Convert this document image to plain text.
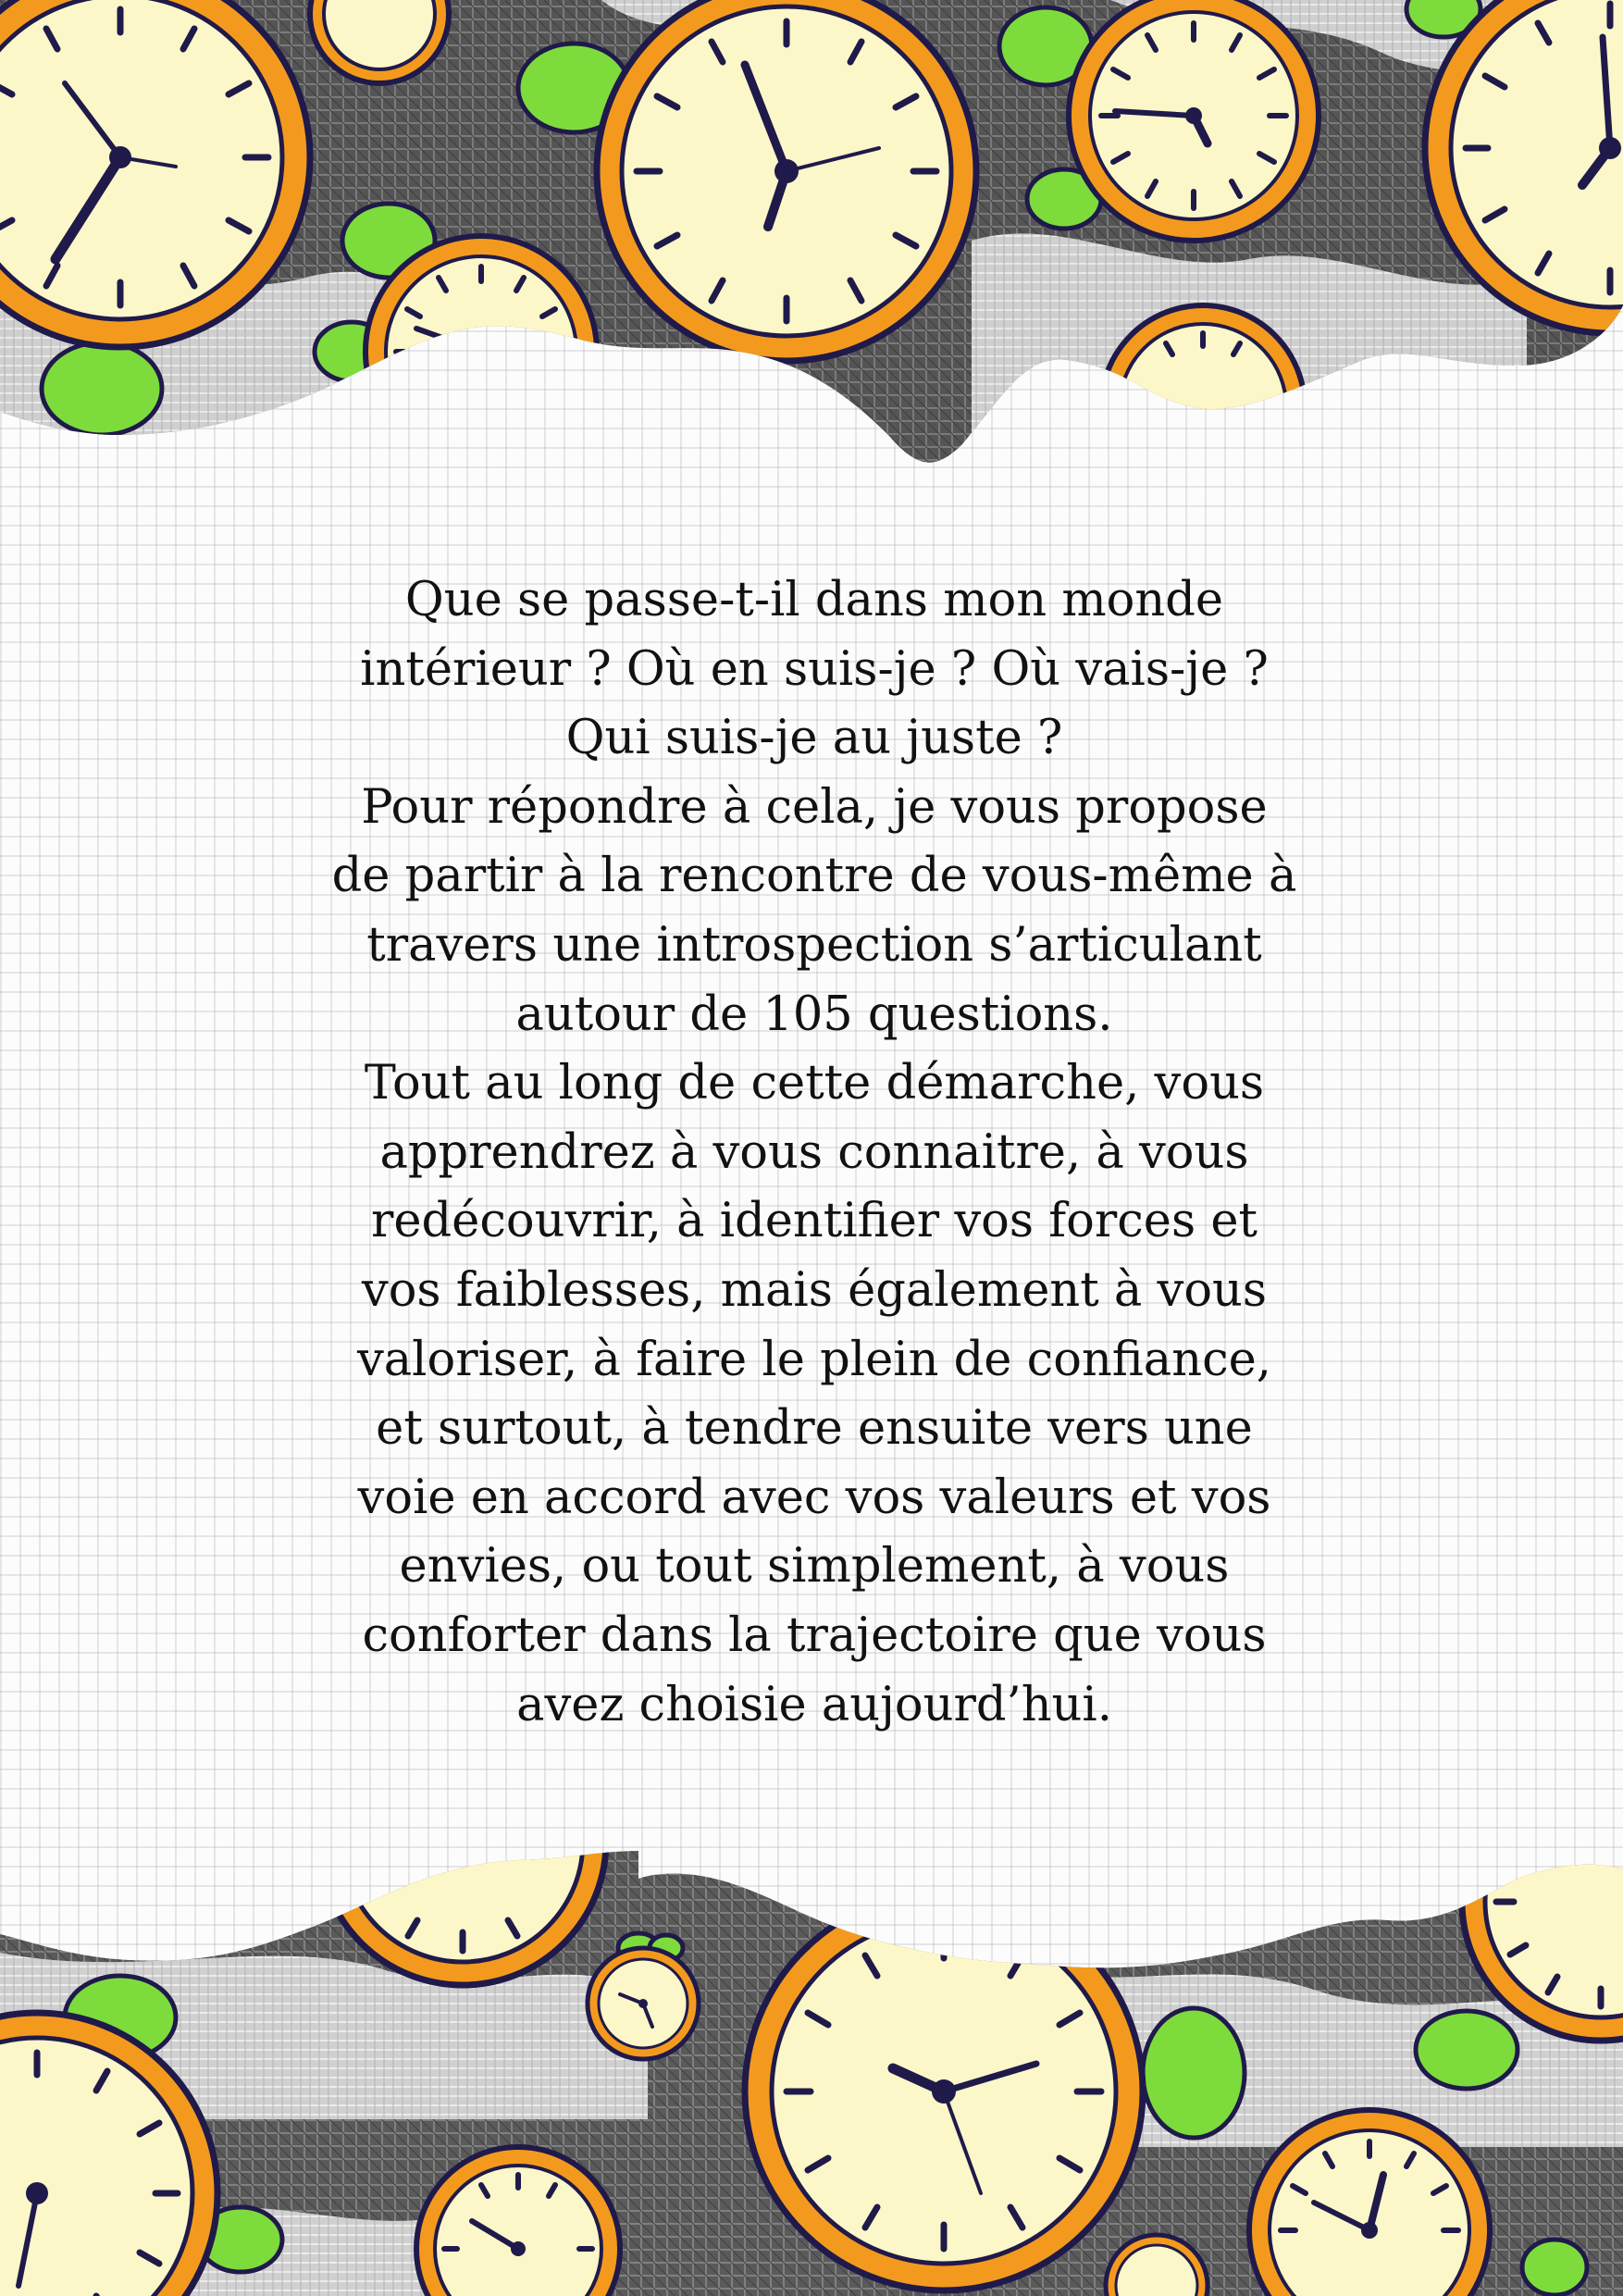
Que se passe-t-il dans mon monde
intérieur ? Où en suis-je ? Où vais-je ?
Qui suis-je au juste ?
Pour répondre à cela, je vous propose
de partir à la rencontre de vous-même à
travers une introspection s’articulant
autour de 105 questions.
Tout au long de cette démarche, vous
apprendrez à vous connaitre, à vous
redécouvrir, à identifier vos forces et
vos faiblesses, mais également à vous
valoriser, à faire le plein de confiance,
et surtout, à tendre ensuite vers une
voie en accord avec vos valeurs et vos
envies, ou tout simplement, à vous
conforter dans la trajectoire que vous
avez choisie aujourd’hui.
